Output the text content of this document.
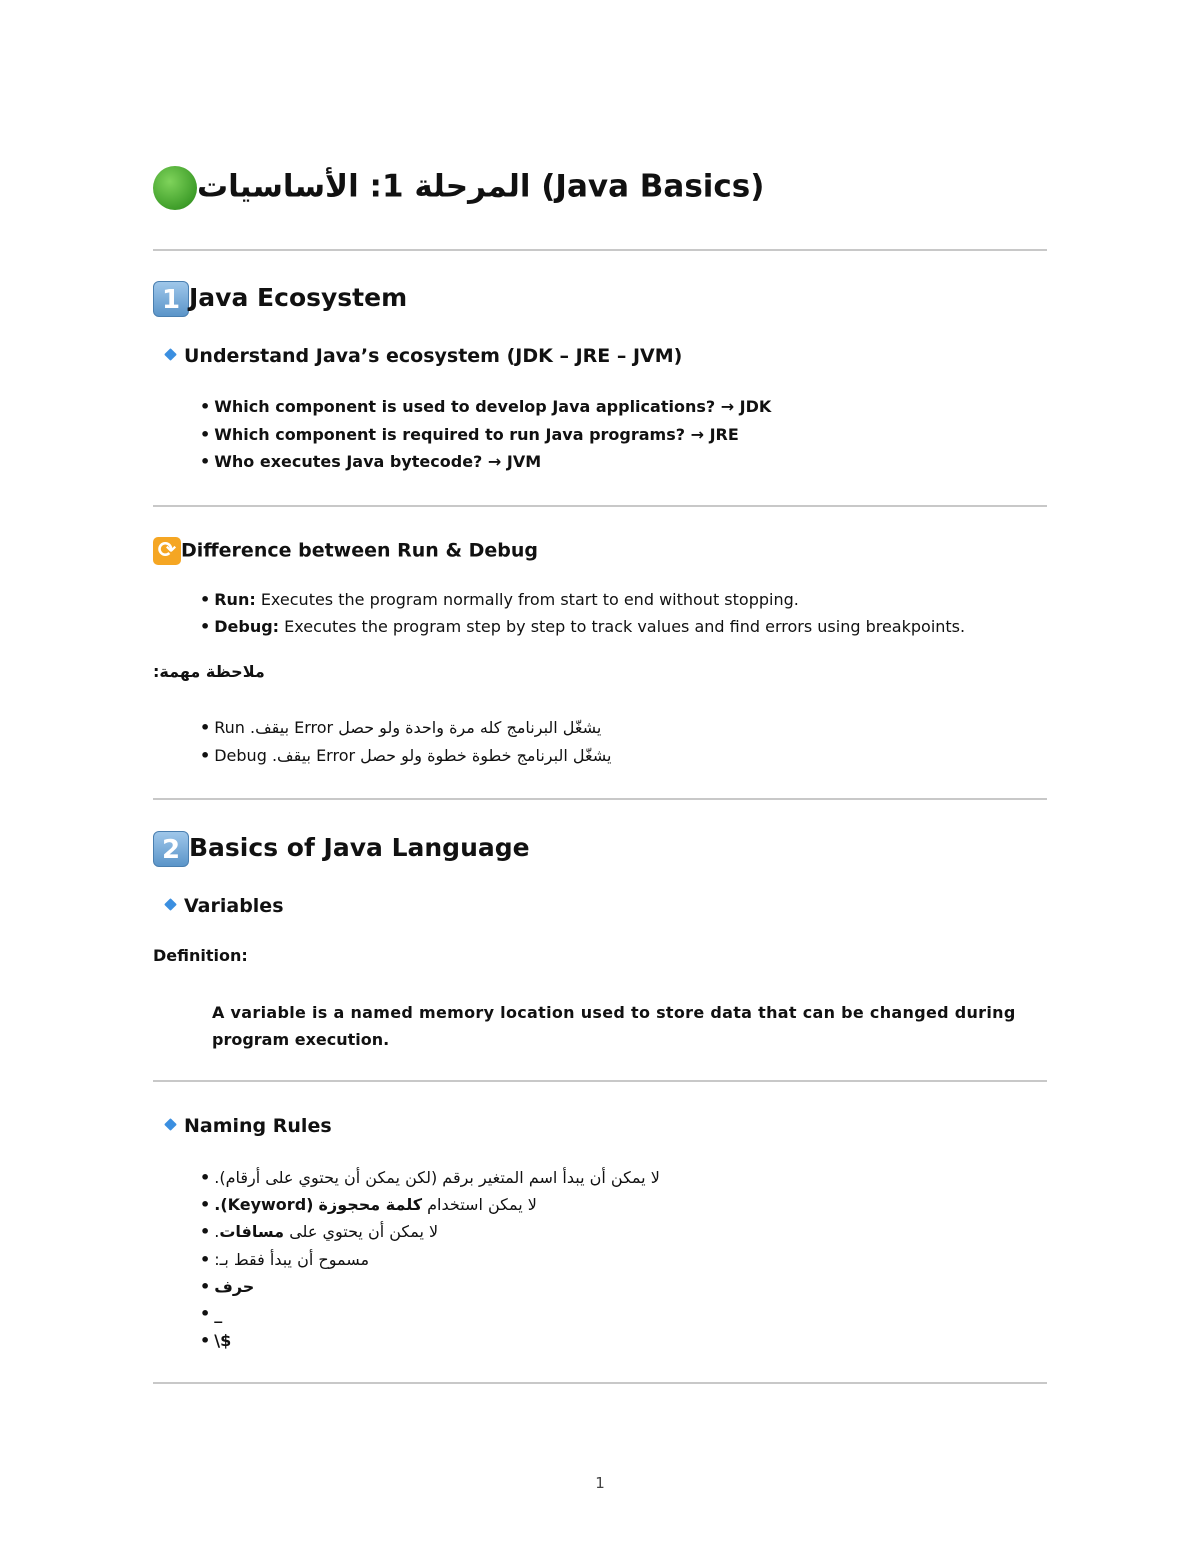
المرحلة 1: الأساسيات (Java Basics)
1 Java Ecosystem
Understand Java’s ecosystem (JDK – JRE – JVM)
• Which component is used to develop Java applications? → JDK
• Which component is required to run Java programs? → JRE
• Who executes Java bytecode? → JVM
⟳ Difference between Run & Debug
• Run: Executes the program normally from start to end without stopping.
• Debug: Executes the program step by step to track values and find errors using breakpoints.
ملاحظة مهمة:
• Run يشغّل البرنامج كله مرة واحدة ولو حصل Error بيقف.
• Debug يشغّل البرنامج خطوة خطوة ولو حصل Error بيقف.
2 Basics of Java Language
Variables
Definition:
A variable is a named memory location used to store data that can be changed during
program execution.
Naming Rules
• لا يمكن أن يبدأ اسم المتغير برقم (لكن يمكن أن يحتوي على أرقام).
•	لا يمكن استخدام كلمة محجوزة (Keyword).
•	لا يمكن أن يحتوي على مسافات.
• مسموح أن يبدأ فقط بـ:
• حرف
• _
• \$
1
